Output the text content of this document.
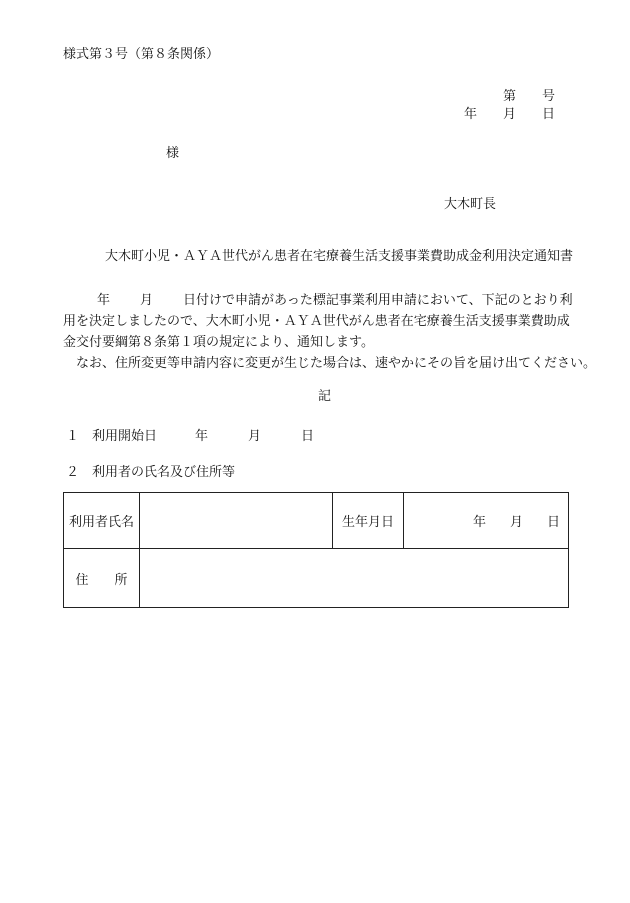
様式第３号（第８条関係）
第 号
年 月 日
様
大木町長
大木町小児・ＡＹＡ世代がん患者在宅療養生活支援事業費助成金利用決定通知書
年 月 日付けで申請があった標記事業利用申請において、下記のとおり利
用を決定しましたので、大木町小児・ＡＹＡ世代がん患者在宅療養生活支援事業費助成
金交付要綱第８条第１項の規定により、通知します。
なお、住所変更等申請内容に変更が生じた場合は、速やかにその旨を届け出てください。
記
１　利用開始日	年	月	日
２　利用者の氏名及び住所等
利用者氏名		生年月日	年 月 日
住 所			
